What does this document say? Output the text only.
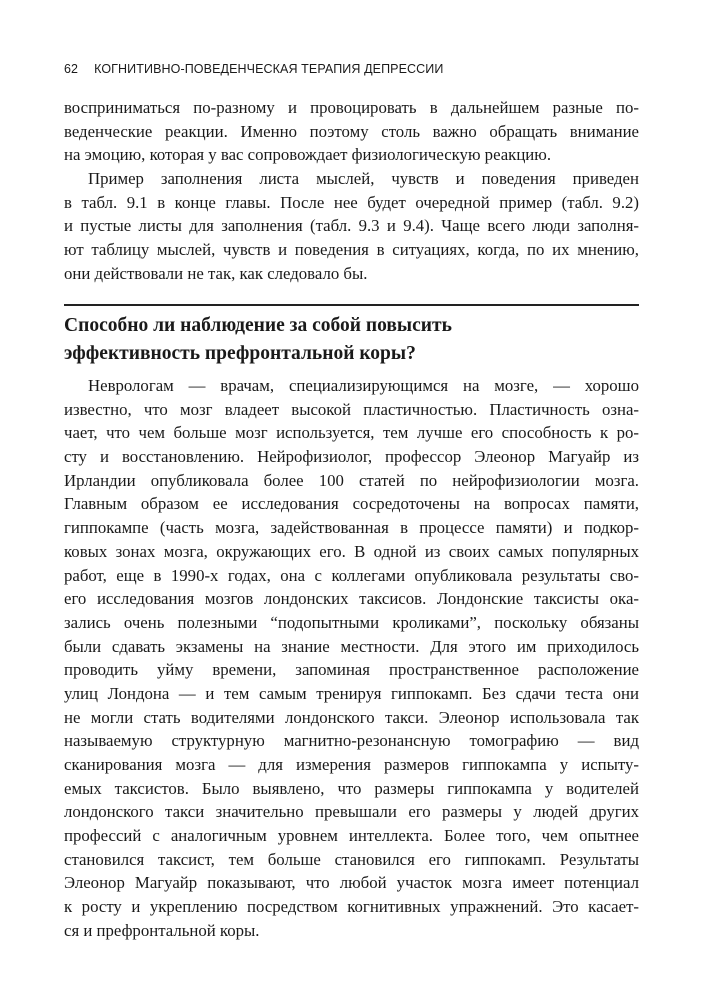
62 КОГНИТИВНО-ПОВЕДЕНЧЕСКАЯ ТЕРАПИЯ ДЕПРЕССИИ
восприниматься по-разному и провоцировать в дальнейшем разные по-
веденческие реакции. Именно поэтому столь важно обращать внимание
на эмоцию, которая у вас сопровождает физиологическую реакцию.
Пример заполнения листа мыслей, чувств и поведения приведен
в табл. 9.1 в конце главы. После нее будет очередной пример (табл. 9.2)
и пустые листы для заполнения (табл. 9.3 и 9.4). Чаще всего люди заполня-
ют таблицу мыслей, чувств и поведения в ситуациях, когда, по их мнению,
они действовали не так, как следовало бы.
Способно ли наблюдение за собой повысить
эффективность префронтальной коры?
Неврологам — врачам, специализирующимся на мозге, — хорошо
известно, что мозг владеет высокой пластичностью. Пластичность озна-
чает, что чем больше мозг используется, тем лучше его способность к ро-
сту и восстановлению. Нейрофизиолог, профессор Элеонор Магуайр из
Ирландии опубликовала более 100 статей по нейрофизиологии мозга.
Главным образом ее исследования сосредоточены на вопросах памяти,
гиппокампе (часть мозга, задействованная в процессе памяти) и подкор-
ковых зонах мозга, окружающих его. В одной из своих самых популярных
работ, еще в 1990-х годах, она с коллегами опубликовала результаты сво-
его исследования мозгов лондонских таксисов. Лондонские таксисты ока-
зались очень полезными “подопытными кроликами”, поскольку обязаны
были сдавать экзамены на знание местности. Для этого им приходилось
проводить уйму времени, запоминая пространственное расположение
улиц Лондона — и тем самым тренируя гиппокамп. Без сдачи теста они
не могли стать водителями лондонского такси. Элеонор использовала так
называемую структурную магнитно-резонансную томографию — вид
сканирования мозга — для измерения размеров гиппокампа у испыту-
емых таксистов. Было выявлено, что размеры гиппокампа у водителей
лондонского такси значительно превышали его размеры у людей других
профессий с аналогичным уровнем интеллекта. Более того, чем опытнее
становился таксист, тем больше становился его гиппокамп. Результаты
Элеонор Магуайр показывают, что любой участок мозга имеет потенциал
к росту и укреплению посредством когнитивных упражнений. Это касает-
ся и префронтальной коры.
